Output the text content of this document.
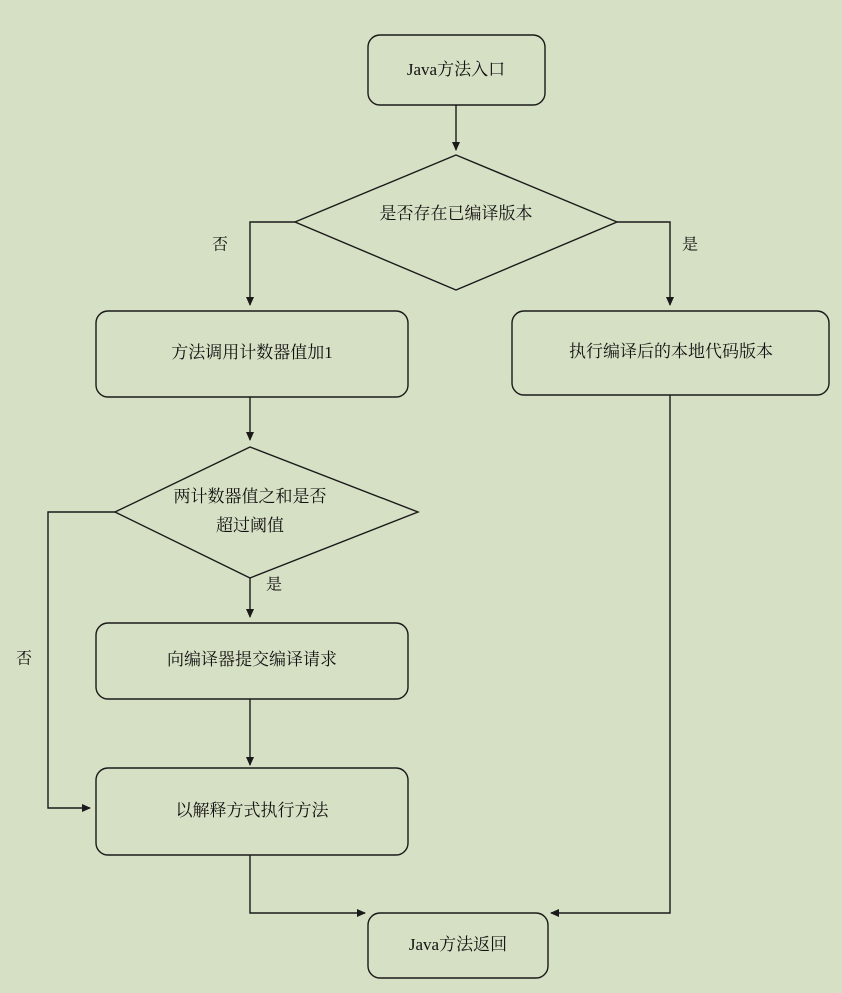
Java方法入口
是否存在已编译版本
方法调用计数器值加1	执行编译后的本地代码版本
两计数器值之和是否
超过阈值
向编译器提交编译请求
以解释方式执行方法
Java方法返回
否	是
是
否
